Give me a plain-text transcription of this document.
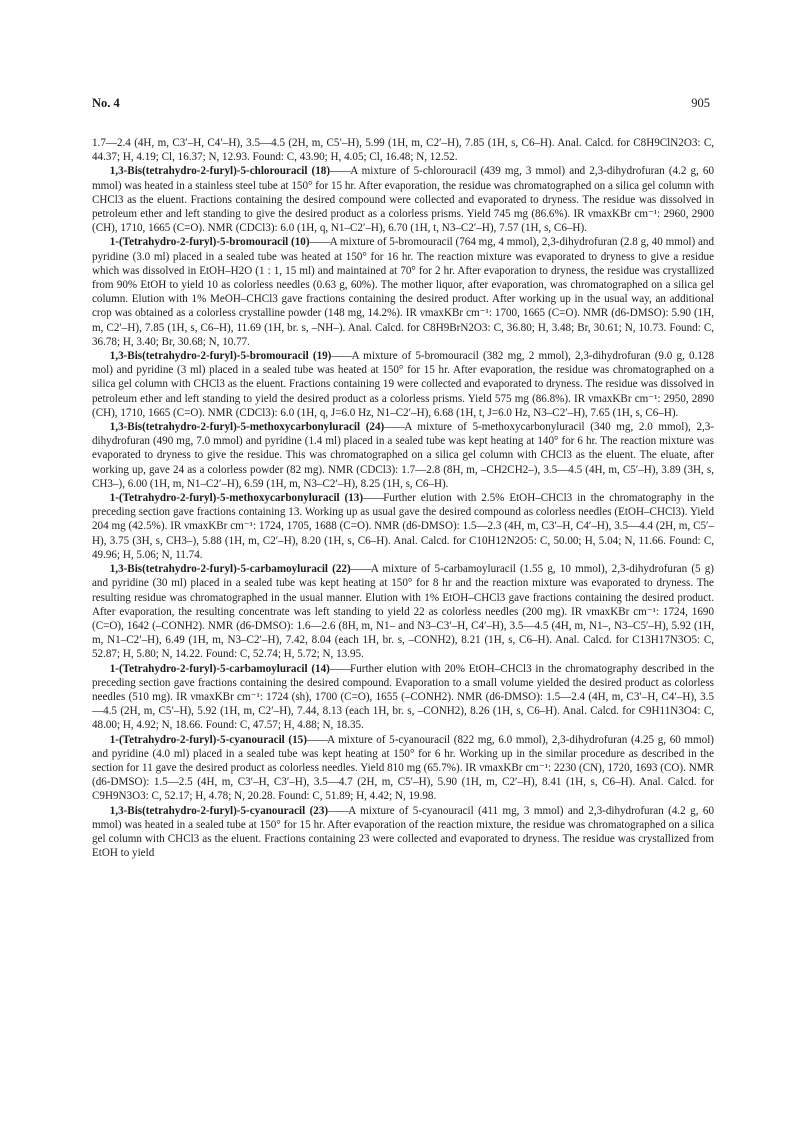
No. 4	905

1.7—2.4 (4H, m, C3′–H, C4′–H), 3.5—4.5 (2H, m, C5′–H), 5.99 (1H, m, C2′–H), 7.85 (1H, s, C6–H). Anal. Calcd. for C8H9ClN2O3: C, 44.37; H, 4.19; Cl, 16.37; N, 12.93. Found: C, 43.90; H, 4.05; Cl, 16.48; N, 12.52.

1,3-Bis(tetrahydro-2-furyl)-5-chlorouracil (18)——A mixture of 5-chlorouracil (439 mg, 3 mmol) and 2,3-dihydrofuran (4.2 g, 60 mmol) was heated in a stainless steel tube at 150° for 15 hr. After evaporation, the residue was chromatographed on a silica gel column with CHCl3 as the eluent. Fractions containing the desired compound were collected and evaporated to dryness. The residue was dissolved in petroleum ether and left standing to give the desired product as a colorless prisms. Yield 745 mg (86.6%). IR νmaxKBr cm⁻¹: 2960, 2900 (CH), 1710, 1665 (C=O). NMR (CDCl3): 6.0 (1H, q, N1–C2′–H), 6.70 (1H, t, N3–C2′–H), 7.57 (1H, s, C6–H).

1-(Tetrahydro-2-furyl)-5-bromouracil (10)——A mixture of 5-bromouracil (764 mg, 4 mmol), 2,3-dihydrofuran (2.8 g, 40 mmol) and pyridine (3.0 ml) placed in a sealed tube was heated at 150° for 16 hr. The reaction mixture was evaporated to dryness to give a residue which was dissolved in EtOH–H2O (1 : 1, 15 ml) and maintained at 70° for 2 hr. After evaporation to dryness, the residue was crystallized from 90% EtOH to yield 10 as colorless needles (0.63 g, 60%). The mother liquor, after evaporation, was chromatographed on a silica gel column. Elution with 1% MeOH–CHCl3 gave fractions containing the desired product. After working up in the usual way, an additional crop was obtained as a colorless crystalline powder (148 mg, 14.2%). IR νmaxKBr cm⁻¹: 1700, 1665 (C=O). NMR (d6-DMSO): 5.90 (1H, m, C2′–H), 7.85 (1H, s, C6–H), 11.69 (1H, br. s, –NH–). Anal. Calcd. for C8H9BrN2O3: C, 36.80; H, 3.48; Br, 30.61; N, 10.73. Found: C, 36.78; H, 3.40; Br, 30.68; N, 10.77.

1,3-Bis(tetrahydro-2-furyl)-5-bromouracil (19)——A mixture of 5-bromouracil (382 mg, 2 mmol), 2,3-dihydrofuran (9.0 g, 0.128 mol) and pyridine (3 ml) placed in a sealed tube was heated at 150° for 15 hr. After evaporation, the residue was chromatographed on a silica gel column with CHCl3 as the eluent. Fractions containing 19 were collected and evaporated to dryness. The residue was dissolved in petroleum ether and left standing to yield the desired product as a colorless prisms. Yield 575 mg (86.8%). IR νmaxKBr cm⁻¹: 2950, 2890 (CH), 1710, 1665 (C=O). NMR (CDCl3): 6.0 (1H, q, J=6.0 Hz, N1–C2′–H), 6.68 (1H, t, J=6.0 Hz, N3–C2′–H), 7.65 (1H, s, C6–H).

1,3-Bis(tetrahydro-2-furyl)-5-methoxycarbonyluracil (24)——A mixture of 5-methoxycarbonyluracil (340 mg, 2.0 mmol), 2,3-dihydrofuran (490 mg, 7.0 mmol) and pyridine (1.4 ml) placed in a sealed tube was kept heating at 140° for 6 hr. The reaction mixture was evaporated to dryness to give the residue. This was chromatographed on a silica gel column with CHCl3 as the eluent. The eluate, after working up, gave 24 as a colorless powder (82 mg). NMR (CDCl3): 1.7—2.8 (8H, m, –CH2CH2–), 3.5—4.5 (4H, m, C5′–H), 3.89 (3H, s, CH3–), 6.00 (1H, m, N1–C2′–H), 6.59 (1H, m, N3–C2′–H), 8.25 (1H, s, C6–H).

1-(Tetrahydro-2-furyl)-5-methoxycarbonyluracil (13)——Further elution with 2.5% EtOH–CHCl3 in the chromatography in the preceding section gave fractions containing 13. Working up as usual gave the desired compound as colorless needles (EtOH–CHCl3). Yield 204 mg (42.5%). IR νmaxKBr cm⁻¹: 1724, 1705, 1688 (C=O). NMR (d6-DMSO): 1.5—2.3 (4H, m, C3′–H, C4′–H), 3.5—4.4 (2H, m, C5′–H), 3.75 (3H, s, CH3–), 5.88 (1H, m, C2′–H), 8.20 (1H, s, C6–H). Anal. Calcd. for C10H12N2O5: C, 50.00; H, 5.04; N, 11.66. Found: C, 49.96; H, 5.06; N, 11.74.

1,3-Bis(tetrahydro-2-furyl)-5-carbamoyluracil (22)——A mixture of 5-carbamoyluracil (1.55 g, 10 mmol), 2,3-dihydrofuran (5 g) and pyridine (30 ml) placed in a sealed tube was kept heating at 150° for 8 hr and the reaction mixture was evaporated to dryness. The resulting residue was chromatographed in the usual manner. Elution with 1% EtOH–CHCl3 gave fractions containing the desired product. After evaporation, the resulting concentrate was left standing to yield 22 as colorless needles (200 mg). IR νmaxKBr cm⁻¹: 1724, 1690 (C=O), 1642 (–CONH2). NMR (d6-DMSO): 1.6—2.6 (8H, m, N1– and N3–C3′–H, C4′–H), 3.5—4.5 (4H, m, N1–, N3–C5′–H), 5.92 (1H, m, N1–C2′–H), 6.49 (1H, m, N3–C2′–H), 7.42, 8.04 (each 1H, br. s, –CONH2), 8.21 (1H, s, C6–H). Anal. Calcd. for C13H17N3O5: C, 52.87; H, 5.80; N, 14.22. Found: C, 52.74; H, 5.72; N, 13.95.

1-(Tetrahydro-2-furyl)-5-carbamoyluracil (14)——Further elution with 20% EtOH–CHCl3 in the chromatography described in the preceding section gave fractions containing the desired compound. Evaporation to a small volume yielded the desired product as colorless needles (510 mg). IR νmaxKBr cm⁻¹: 1724 (sh), 1700 (C=O), 1655 (–CONH2). NMR (d6-DMSO): 1.5—2.4 (4H, m, C3′–H, C4′–H), 3.5—4.5 (2H, m, C5′–H), 5.92 (1H, m, C2′–H), 7.44, 8.13 (each 1H, br. s, –CONH2), 8.26 (1H, s, C6–H). Anal. Calcd. for C9H11N3O4: C, 48.00; H, 4.92; N, 18.66. Found: C, 47.57; H, 4.88; N, 18.35.

1-(Tetrahydro-2-furyl)-5-cyanouracil (15)——A mixture of 5-cyanouracil (822 mg, 6.0 mmol), 2,3-dihydrofuran (4.25 g, 60 mmol) and pyridine (4.0 ml) placed in a sealed tube was kept heating at 150° for 6 hr. Working up in the similar procedure as described in the section for 11 gave the desired product as colorless needles. Yield 810 mg (65.7%). IR νmaxKBr cm⁻¹: 2230 (CN), 1720, 1693 (CO). NMR (d6-DMSO): 1.5—2.5 (4H, m, C3′–H, C3′–H), 3.5—4.7 (2H, m, C5′–H), 5.90 (1H, m, C2′–H), 8.41 (1H, s, C6–H). Anal. Calcd. for C9H9N3O3: C, 52.17; H, 4.78; N, 20.28. Found: C, 51.89; H, 4.42; N, 19.98.

1,3-Bis(tetrahydro-2-furyl)-5-cyanouracil (23)——A mixture of 5-cyanouracil (411 mg, 3 mmol) and 2,3-dihydrofuran (4.2 g, 60 mmol) was heated in a sealed tube at 150° for 15 hr. After evaporation of the reaction mixture, the residue was chromatographed on a silica gel column with CHCl3 as the eluent. Fractions containing 23 were collected and evaporated to dryness. The residue was crystallized from EtOH to yield
